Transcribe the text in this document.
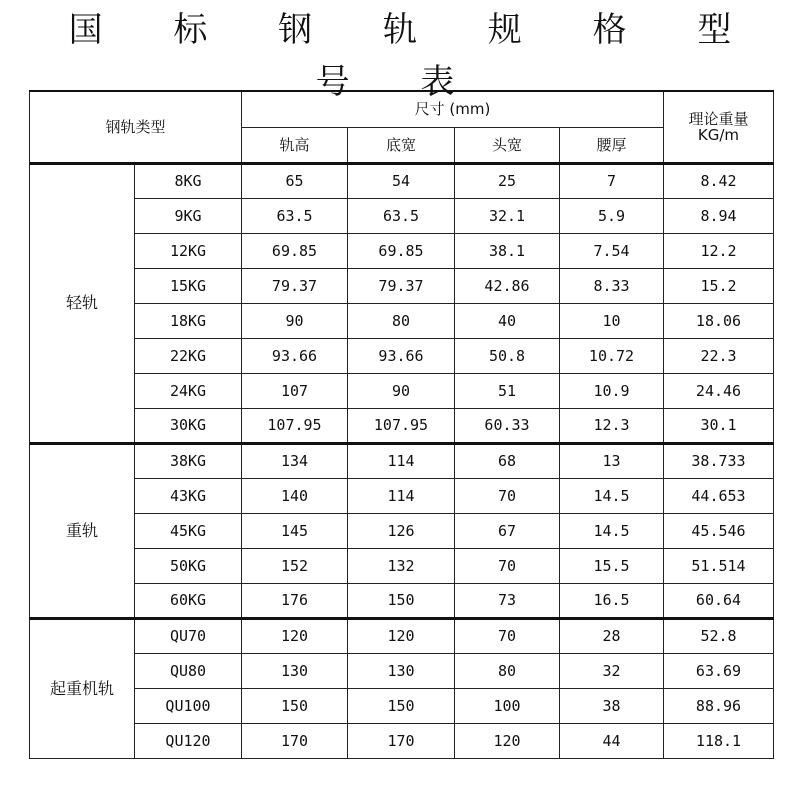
国 标 钢 轨 规 格 型 号 表
钢轨类型		尺寸 (mm)				理论重量
KG/m

		轨高	底宽	头宽	腰厚	
轻轨	8KG	65	54	25	7	8.42
	9KG	63.5	63.5	32.1	5.9	8.94
	12KG	69.85	69.85	38.1	7.54	12.2
	15KG	79.37	79.37	42.86	8.33	15.2
	18KG	90	80	40	10	18.06
	22KG	93.66	93.66	50.8	10.72	22.3
	24KG	107	90	51	10.9	24.46
	30KG	107.95	107.95	60.33	12.3	30.1
重轨	38KG	134	114	68	13	38.733
	43KG	140	114	70	14.5	44.653
	45KG	145	126	67	14.5	45.546
	50KG	152	132	70	15.5	51.514
	60KG	176	150	73	16.5	60.64
起重机轨	QU70	120	120	70	28	52.8
	QU80	130	130	80	32	63.69
	QU100	150	150	100	38	88.96
	QU120	170	170	120	44	118.1
